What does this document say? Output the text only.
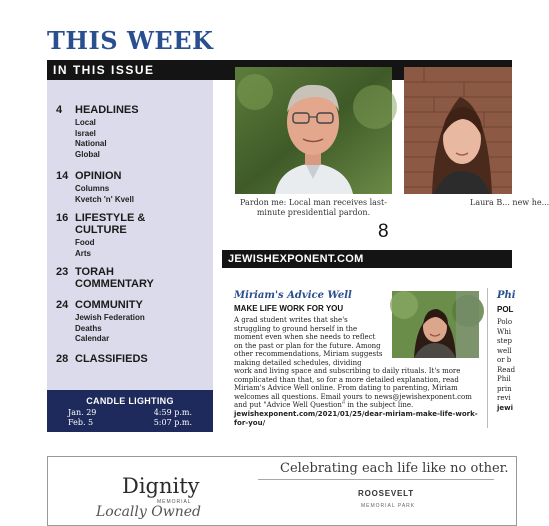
THIS WEEK
IN THIS ISSUE
4 HEADLINES
Local
Israel
National
Global
14 OPINION
Columns
Kvetch 'n' Kvell
16 LIFESTYLE & CULTURE
Food
Arts
23 TORAH COMMENTARY
24 COMMUNITY
Jewish Federation
Deaths
Calendar
28 CLASSIFIEDS
CANDLE LIGHTING
Jan. 29	4:59 p.m.
Feb. 5	5:07 p.m.
Pardon me: Local man receives last-minute presidential pardon.
8
Laura B... new he...
JEWISHEXPONENT.COM
Miriam's Advice Well
MAKE LIFE WORK FOR YOU
A grad student writes that she's
struggling to ground herself in the
moment even when she needs to reflect
on the past or plan for the future. Among
other recommendations, Miriam suggests
making detailed schedules, dividing
work and living space and subscribing to daily rituals. It's more
complicated than that, so for a more detailed explanation, read
Miriam's Advice Well online. From dating to parenting, Miriam
welcomes all questions. Email yours to news@jewishexponent.com
and put "Advice Well Question" in the subject line.
jewishexponent.com/2021/01/25/dear-miriam-make-life-work-
for-you/
Phi
POL
Polo
Whi
step
well
or b
Read
Phil
prin
revi
jewi
Celebrating each life like no other.
Dignity
MEMORIAL
Locally Owned
ROOSEVELT
MEMORIAL PARK
